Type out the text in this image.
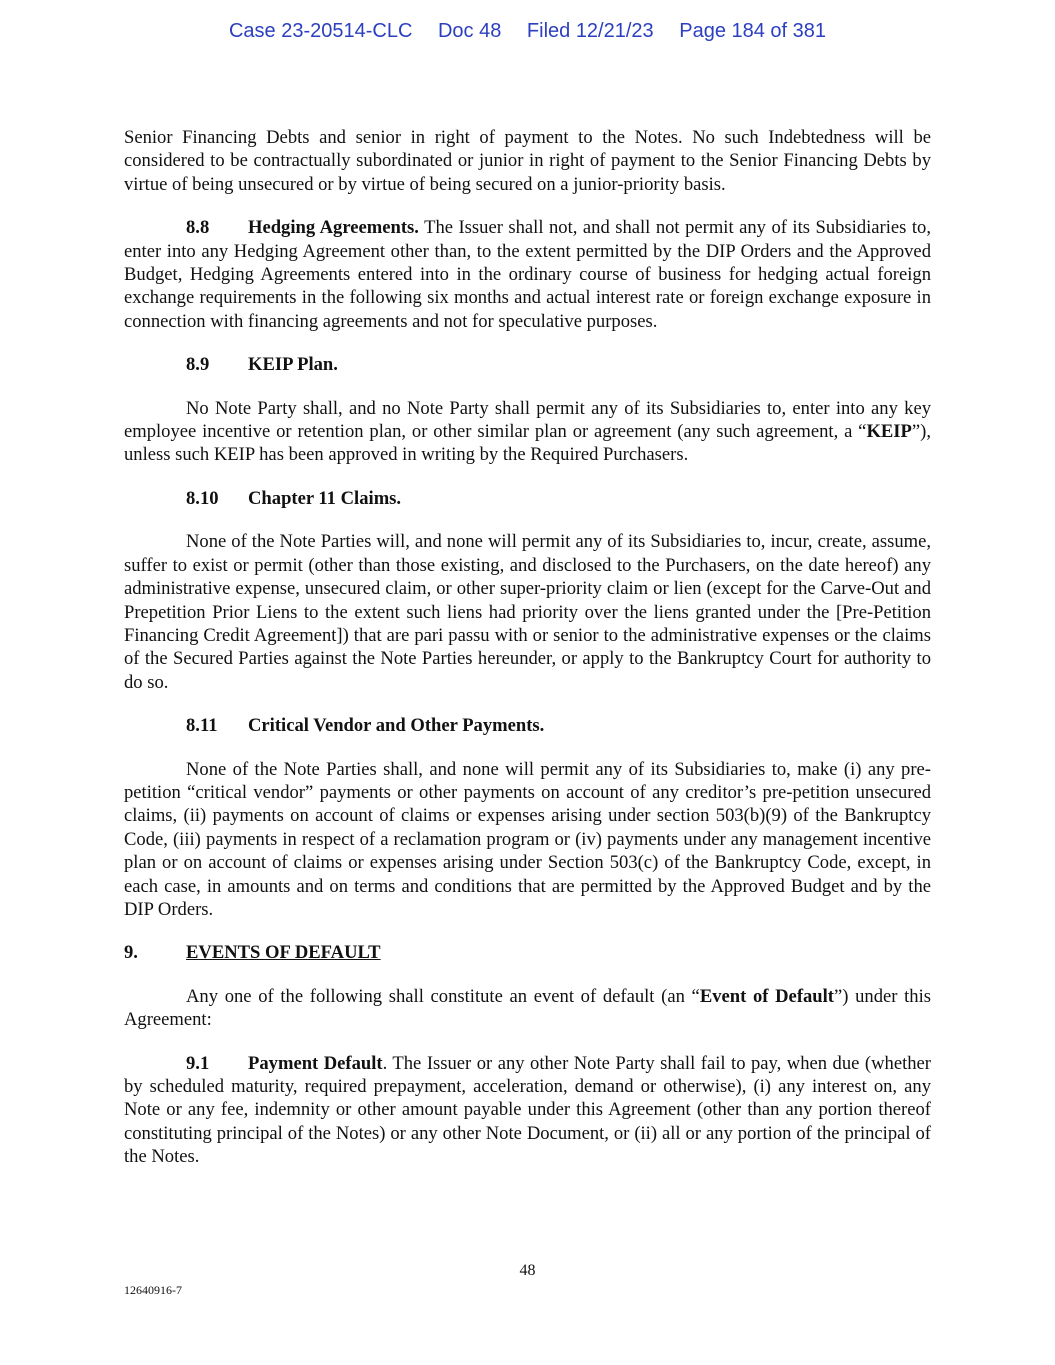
Case 23-20514-CLC Doc 48 Filed 12/21/23 Page 184 of 381

Senior Financing Debts and senior in right of payment to the Notes. No such Indebtedness will be considered to be contractually subordinated or junior in right of payment to the Senior Financing Debts by virtue of being unsecured or by virtue of being secured on a junior-priority basis.

8.8 Hedging Agreements. The Issuer shall not, and shall not permit any of its Subsidiaries to, enter into any Hedging Agreement other than, to the extent permitted by the DIP Orders and the Approved Budget, Hedging Agreements entered into in the ordinary course of business for hedging actual foreign exchange requirements in the following six months and actual interest rate or foreign exchange exposure in connection with financing agreements and not for speculative purposes.

8.9 KEIP Plan.

No Note Party shall, and no Note Party shall permit any of its Subsidiaries to, enter into any key employee incentive or retention plan, or other similar plan or agreement (any such agreement, a “KEIP”), unless such KEIP has been approved in writing by the Required Purchasers.

8.10 Chapter 11 Claims.

None of the Note Parties will, and none will permit any of its Subsidiaries to, incur, create, assume, suffer to exist or permit (other than those existing, and disclosed to the Purchasers, on the date hereof) any administrative expense, unsecured claim, or other super-priority claim or lien (except for the Carve-Out and Prepetition Prior Liens to the extent such liens had priority over the liens granted under the [Pre-Petition Financing Credit Agreement]) that are pari passu with or senior to the administrative expenses or the claims of the Secured Parties against the Note Parties hereunder, or apply to the Bankruptcy Court for authority to do so.

8.11 Critical Vendor and Other Payments.

None of the Note Parties shall, and none will permit any of its Subsidiaries to, make (i) any pre-petition “critical vendor” payments or other payments on account of any creditor’s pre-petition unsecured claims, (ii) payments on account of claims or expenses arising under section 503(b)(9) of the Bankruptcy Code, (iii) payments in respect of a reclamation program or (iv) payments under any management incentive plan or on account of claims or expenses arising under Section 503(c) of the Bankruptcy Code, except, in each case, in amounts and on terms and conditions that are permitted by the Approved Budget and by the DIP Orders.

9.	EVENTS OF DEFAULT

Any one of the following shall constitute an event of default (an “Event of Default”) under this Agreement:

9.1 Payment Default. The Issuer or any other Note Party shall fail to pay, when due (whether by scheduled maturity, required prepayment, acceleration, demand or otherwise), (i) any interest on, any Note or any fee, indemnity or other amount payable under this Agreement (other than any portion thereof constituting principal of the Notes) or any other Note Document, or (ii) all or any portion of the principal of the Notes.

48
12640916-7
